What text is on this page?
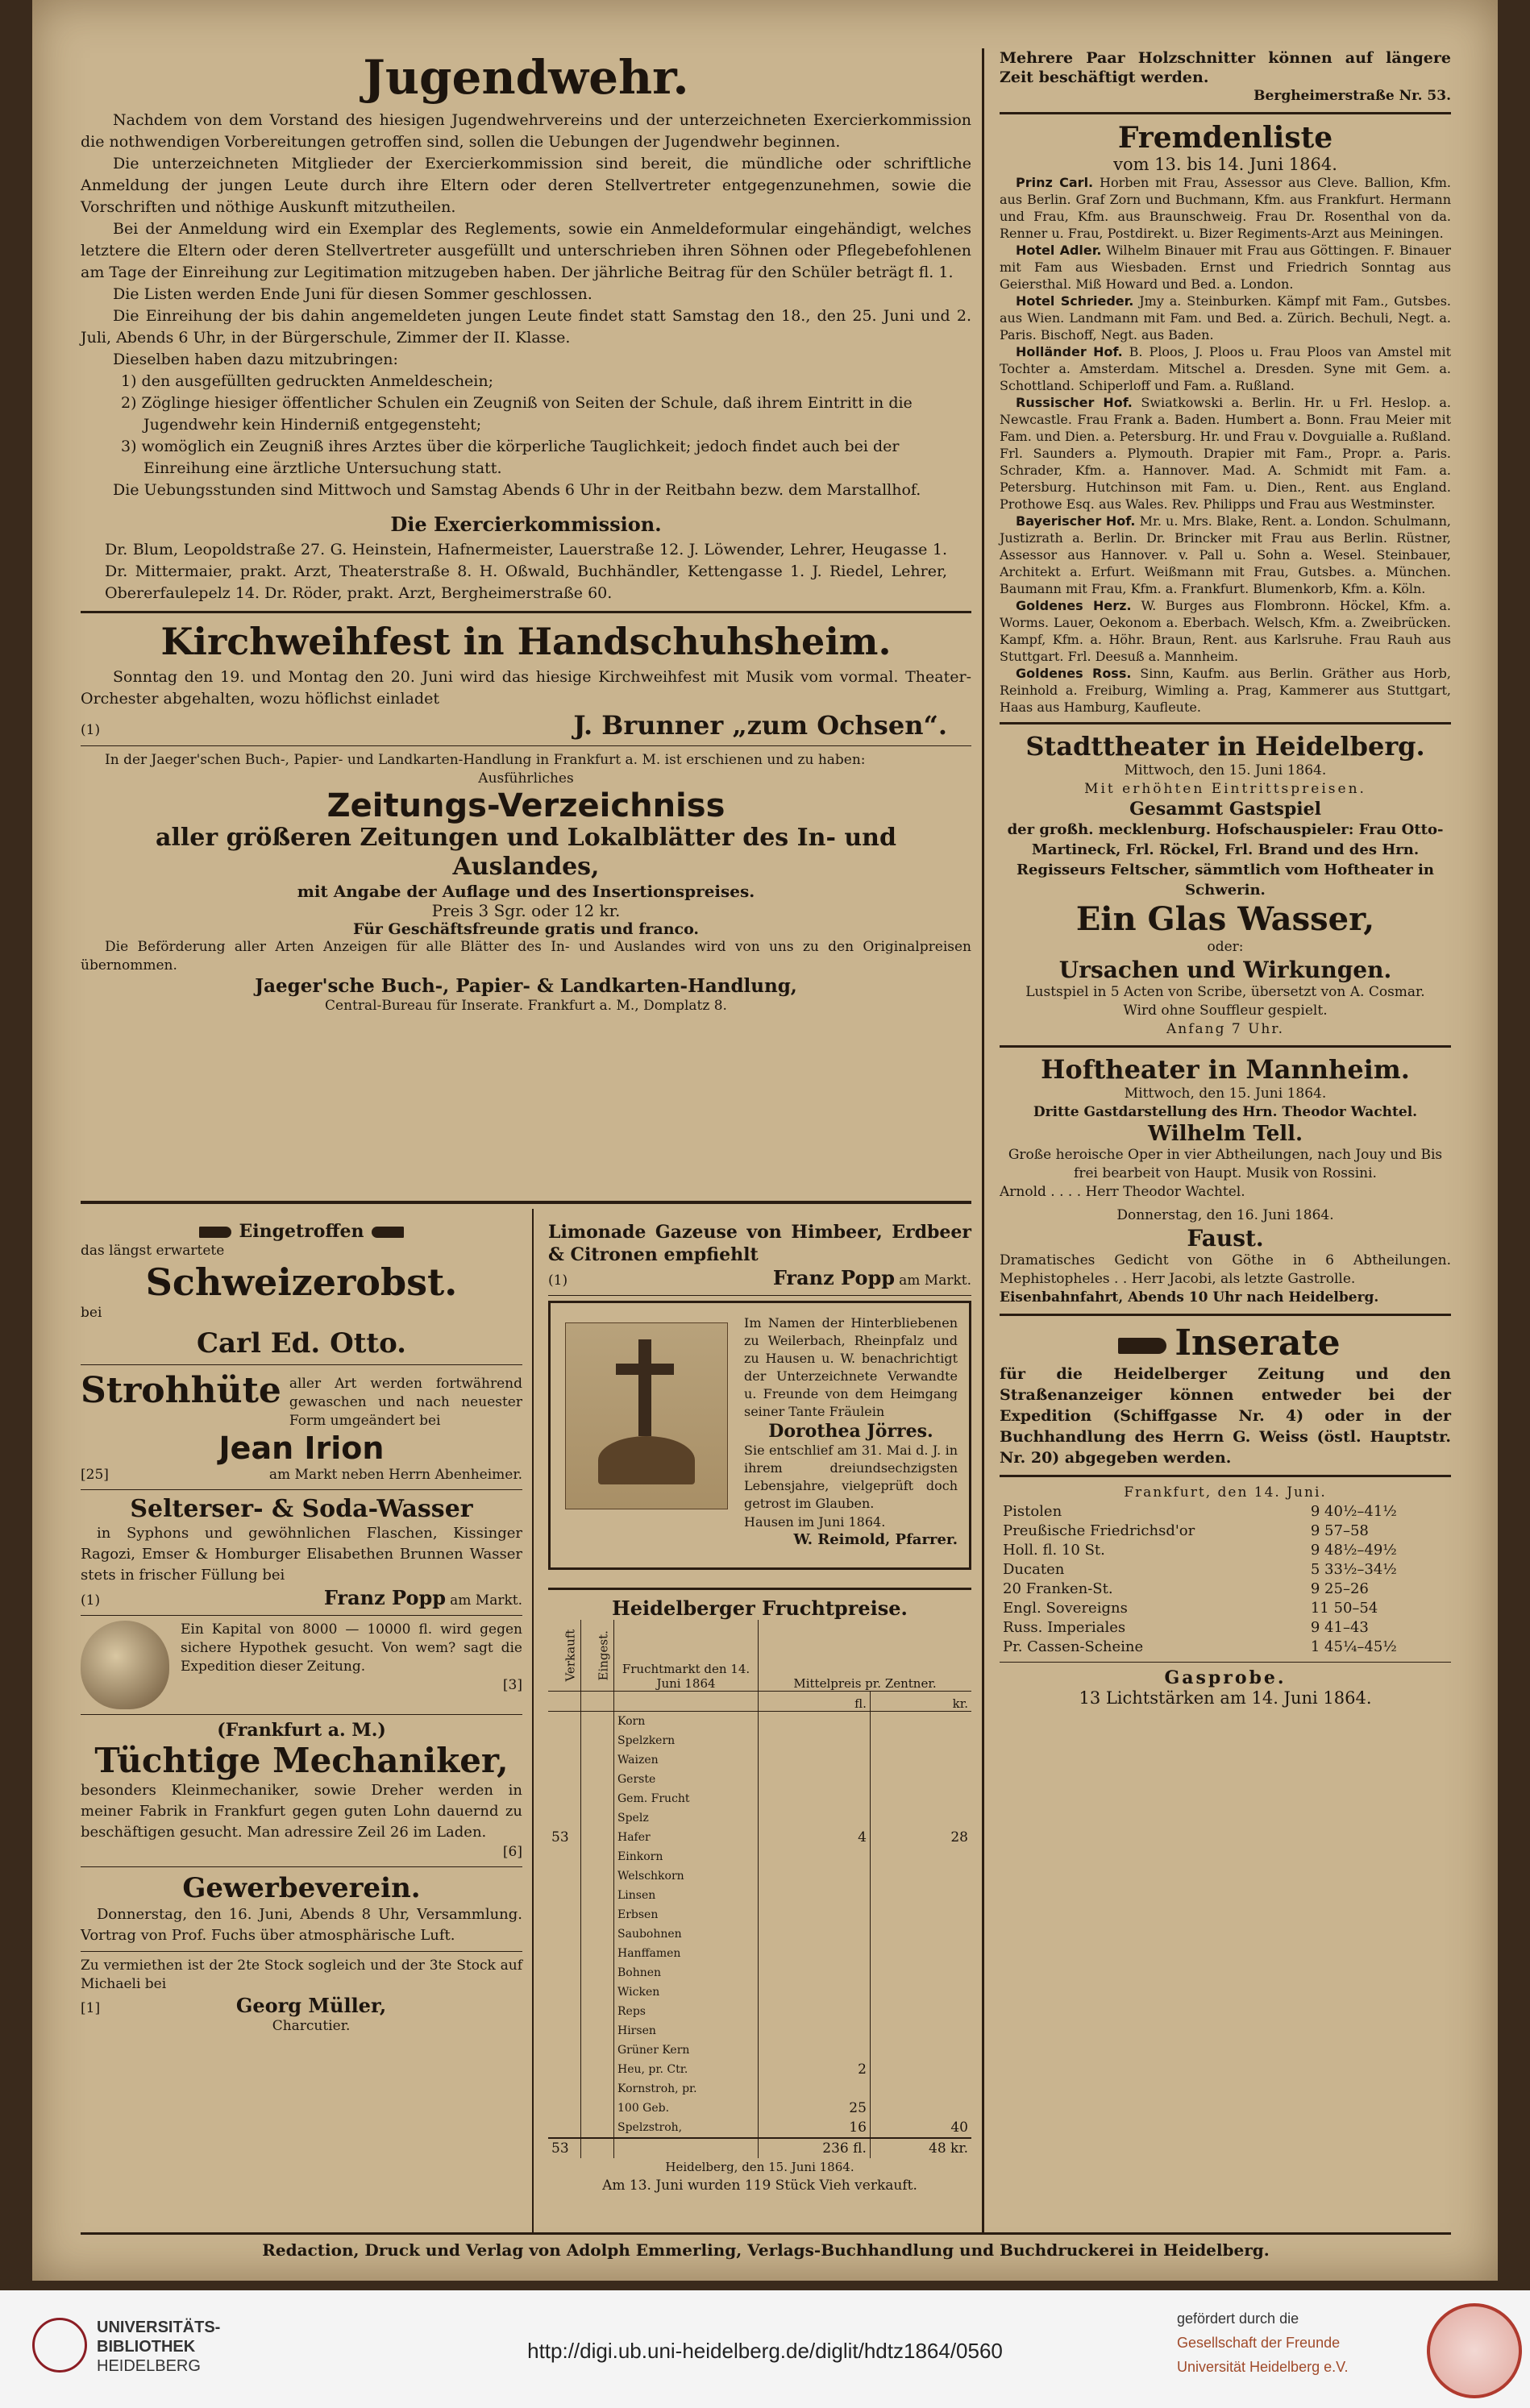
Jugendwehr.

Nachdem von dem Vorstand des hiesigen Jugendwehrvereins und der unterzeichneten Exercierkommission die nothwendigen Vorbereitungen getroffen sind, sollen die Uebungen der Jugendwehr beginnen.

Die unterzeichneten Mitglieder der Exercierkommission sind bereit, die mündliche oder schriftliche Anmeldung der jungen Leute durch ihre Eltern oder deren Stellvertreter entgegenzunehmen, sowie die Vorschriften und nöthige Auskunft mitzutheilen.

Bei der Anmeldung wird ein Exemplar des Reglements, sowie ein Anmeldeformular eingehändigt, welches letztere die Eltern oder deren Stellvertreter ausgefüllt und unterschrieben ihren Söhnen oder Pflegebefohlenen am Tage der Einreihung zur Legitimation mitzugeben haben. Der jährliche Beitrag für den Schüler beträgt fl. 1.

Die Listen werden Ende Juni für diesen Sommer geschlossen.

Die Einreihung der bis dahin angemeldeten jungen Leute findet statt Samstag den 18., den 25. Juni und 2. Juli, Abends 6 Uhr, in der Bürgerschule, Zimmer der II. Klasse.

Dieselben haben dazu mitzubringen:

1) den ausgefüllten gedruckten Anmeldeschein;

2) Zöglinge hiesiger öffentlicher Schulen ein Zeugniß von Seiten der Schule, daß ihrem Eintritt in die Jugendwehr kein Hinderniß entgegensteht;

3) womöglich ein Zeugniß ihres Arztes über die körperliche Tauglichkeit; jedoch findet auch bei der Einreihung eine ärztliche Untersuchung statt.

Die Uebungsstunden sind Mittwoch und Samstag Abends 6 Uhr in der Reitbahn bezw. dem Marstallhof.

Die Exercierkommission.

Dr. Blum, Leopoldstraße 27. G. Heinstein, Hafnermeister, Lauerstraße 12. J. Löwender, Lehrer, Heugasse 1. Dr. Mittermaier, prakt. Arzt, Theaterstraße 8. H. Oßwald, Buchhändler, Kettengasse 1. J. Riedel, Lehrer, Obererfaulepelz 14. Dr. Röder, prakt. Arzt, Bergheimerstraße 60.

Kirchweihfest in Handschuhsheim.

Sonntag den 19. und Montag den 20. Juni wird das hiesige Kirchweihfest mit Musik vom vormal. Theater-Orchester abgehalten, wozu höflichst einladet

(1)	J. Brunner „zum Ochsen“.

In der Jaeger'schen Buch-, Papier- und Landkarten-Handlung in Frankfurt a. M. ist erschienen und zu haben:

Ausführliches
Zeitungs-Verzeichniss
aller größeren Zeitungen und Lokalblätter des In- und Auslandes,
mit Angabe der Auflage und des Insertionspreises.
Preis 3 Sgr. oder 12 kr.
Für Geschäftsfreunde gratis und franco.

Die Beförderung aller Arten Anzeigen für alle Blätter des In- und Auslandes wird von uns zu den Originalpreisen übernommen.

Jaeger'sche Buch-, Papier- & Landkarten-Handlung,
Central-Bureau für Inserate. Frankfurt a. M., Domplatz 8.
Eingetroffen
das längst erwartete
Schweizerobst.
bei
Carl Ed. Otto.
Strohhüte aller Art werden fortwährend gewaschen und nach neuester Form umgeändert bei
Jean Irion
[25]	am Markt neben Herrn Abenheimer.
Selterser- & Soda-Wasser

in Syphons und gewöhnlichen Flaschen, Kissinger Ragozi, Emser & Homburger Elisabethen Brunnen Wasser stets in frischer Füllung bei

(1)	Franz Popp am Markt.

Ein Kapital von 8000 — 10000 fl. wird gegen sichere Hypothek gesucht. Von wem? sagt die Expedition dieser Zeitung.

[3]
(Frankfurt a. M.)
Tüchtige Mechaniker,

besonders Kleinmechaniker, sowie Dreher werden in meiner Fabrik in Frankfurt gegen guten Lohn dauernd zu beschäftigen gesucht. Man adressire Zeil 26 im Laden.

[6]
Gewerbeverein.

Donnerstag, den 16. Juni, Abends 8 Uhr, Versammlung. Vortrag von Prof. Fuchs über atmosphärische Luft.

Zu vermiethen ist der 2te Stock sogleich und der 3te Stock auf Michaeli bei

[1]	Georg Müller,
Charcutier.

Limonade Gazeuse von Himbeer, Erdbeer & Citronen empfiehlt

(1)	Franz Popp am Markt.

Im Namen der Hinterbliebenen zu Weilerbach, Rheinpfalz und zu Hausen u. W. benachrichtigt der Unterzeichnete Verwandte u. Freunde von dem Heimgang seiner Tante Fräulein

Dorothea Jörres.

Sie entschlief am 31. Mai d. J. in ihrem dreiundsechzigsten Lebensjahre, vielgeprüft doch getrost im Glauben.

Hausen im Juni 1864.
W. Reimold, Pfarrer.
Heidelberger Fruchtpreise.
Verkauft	Eingest.	Fruchtmarkt den 14. Juni 1864	Mittelpreis pr. Zentner.	
			fl.	kr.
		Korn		
		Spelzkern		
		Waizen		
		Gerste		
		Gem. Frucht		
		Spelz		
53		Hafer	4	28
		Einkorn		
		Welschkorn		
		Linsen		
		Erbsen		
		Saubohnen		
		Hanffamen		
		Bohnen		
		Wicken		
		Reps		
		Hirsen		
		Grüner Kern		
		Heu, pr. Ctr.	2	
		Kornstroh, pr.		
		100 Geb.	25	
		Spelzstroh,	16	40
53			236 fl.	48 kr.
Heidelberg, den 15. Juni 1864.
Am 13. Juni wurden 119 Stück Vieh verkauft.

Mehrere Paar Holzschnitter können auf längere Zeit beschäftigt werden.

Bergheimerstraße Nr. 53.
Fremdenliste
vom 13. bis 14. Juni 1864.

Prinz Carl. Horben mit Frau, Assessor aus Cleve. Ballion, Kfm. aus Berlin. Graf Zorn und Buchmann, Kfm. aus Frankfurt. Hermann und Frau, Kfm. aus Braunschweig. Frau Dr. Rosenthal von da. Renner u. Frau, Postdirekt. u. Bizer Regiments-Arzt aus Meiningen.

Hotel Adler. Wilhelm Binauer mit Frau aus Göttingen. F. Binauer mit Fam aus Wiesbaden. Ernst und Friedrich Sonntag aus Geiersthal. Miß Howard und Bed. a. London.

Hotel Schrieder. Jmy a. Steinburken. Kämpf mit Fam., Gutsbes. aus Wien. Landmann mit Fam. und Bed. a. Zürich. Bechuli, Negt. a. Paris. Bischoff, Negt. aus Baden.

Holländer Hof. B. Ploos, J. Ploos u. Frau Ploos van Amstel mit Tochter a. Amsterdam. Mitschel a. Dresden. Syne mit Gem. a. Schottland. Schiperloff und Fam. a. Rußland.

Russischer Hof. Swiatkowski a. Berlin. Hr. u Frl. Heslop. a. Newcastle. Frau Frank a. Baden. Humbert a. Bonn. Frau Meier mit Fam. und Dien. a. Petersburg. Hr. und Frau v. Dovguialle a. Rußland. Frl. Saunders a. Plymouth. Drapier mit Fam., Propr. a. Paris. Schrader, Kfm. a. Hannover. Mad. A. Schmidt mit Fam. a. Petersburg. Hutchinson mit Fam. u. Dien., Rent. aus England. Prothowe Esq. aus Wales. Rev. Philipps und Frau aus Westminster.

Bayerischer Hof. Mr. u. Mrs. Blake, Rent. a. London. Schulmann, Justizrath a. Berlin. Dr. Brincker mit Frau aus Berlin. Rüstner, Assessor aus Hannover. v. Pall u. Sohn a. Wesel. Steinbauer, Architekt a. Erfurt. Weißmann mit Frau, Gutsbes. a. München. Baumann mit Frau, Kfm. a. Frankfurt. Blumenkorb, Kfm. a. Köln.

Goldenes Herz. W. Burges aus Flombronn. Höckel, Kfm. a. Worms. Lauer, Oekonom a. Eberbach. Welsch, Kfm. a. Zweibrücken. Kampf, Kfm. a. Höhr. Braun, Rent. aus Karlsruhe. Frau Rauh aus Stuttgart. Frl. Deesuß a. Mannheim.

Goldenes Ross. Sinn, Kaufm. aus Berlin. Gräther aus Horb, Reinhold a. Freiburg, Wimling a. Prag, Kammerer aus Stuttgart, Haas aus Hamburg, Kaufleute.

Stadttheater in Heidelberg.
Mittwoch, den 15. Juni 1864.
Mit erhöhten Eintrittspreisen.
Gesammt Gastspiel

der großh. mecklenburg. Hofschauspieler: Frau Otto-Martineck, Frl. Röckel, Frl. Brand und des Hrn. Regisseurs Feltscher, sämmtlich vom Hoftheater in Schwerin.

Ein Glas Wasser,
oder:
Ursachen und Wirkungen.

Lustspiel in 5 Acten von Scribe, übersetzt von A. Cosmar.

Wird ohne Souffleur gespielt.
Anfang 7 Uhr.
Hoftheater in Mannheim.
Mittwoch, den 15. Juni 1864.
Dritte Gastdarstellung des Hrn. Theodor Wachtel.
Wilhelm Tell.

Große heroische Oper in vier Abtheilungen, nach Jouy und Bis frei bearbeit von Haupt. Musik von Rossini.

Arnold . . . . Herr Theodor Wachtel.
Donnerstag, den 16. Juni 1864.
Faust.

Dramatisches Gedicht von Göthe in 6 Abtheilungen. Mephistopheles . . Herr Jacobi, als letzte Gastrolle.

Eisenbahnfahrt, Abends 10 Uhr nach Heidelberg.

Inserate

für die Heidelberger Zeitung und den Straßenanzeiger können entweder bei der Expedition (Schiffgasse Nr. 4) oder in der Buchhandlung des Herrn G. Weiss (östl. Hauptstr. Nr. 20) abgegeben werden.

Frankfurt, den 14. Juni.
Pistolen	9 40½–41½
Preußische Friedrichsd'or	9 57–58
Holl. fl. 10 St.	9 48½–49½
Ducaten	5 33½–34½
20 Franken-St.	9 25–26
Engl. Sovereigns	11 50–54
Russ. Imperiales	9 41–43
Pr. Cassen-Scheine	1 45¼–45½
Gasprobe.
13 Lichtstärken am 14. Juni 1864.
Redaction, Druck und Verlag von Adolph Emmerling, Verlags-Buchhandlung und Buchdruckerei in Heidelberg.
UNIVERSITÄTS-
BIBLIOTHEK
HEIDELBERG
http://digi.ub.uni-heidelberg.de/diglit/hdtz1864/0560
gefördert durch die
Gesellschaft der Freunde
Universität Heidelberg e.V.
